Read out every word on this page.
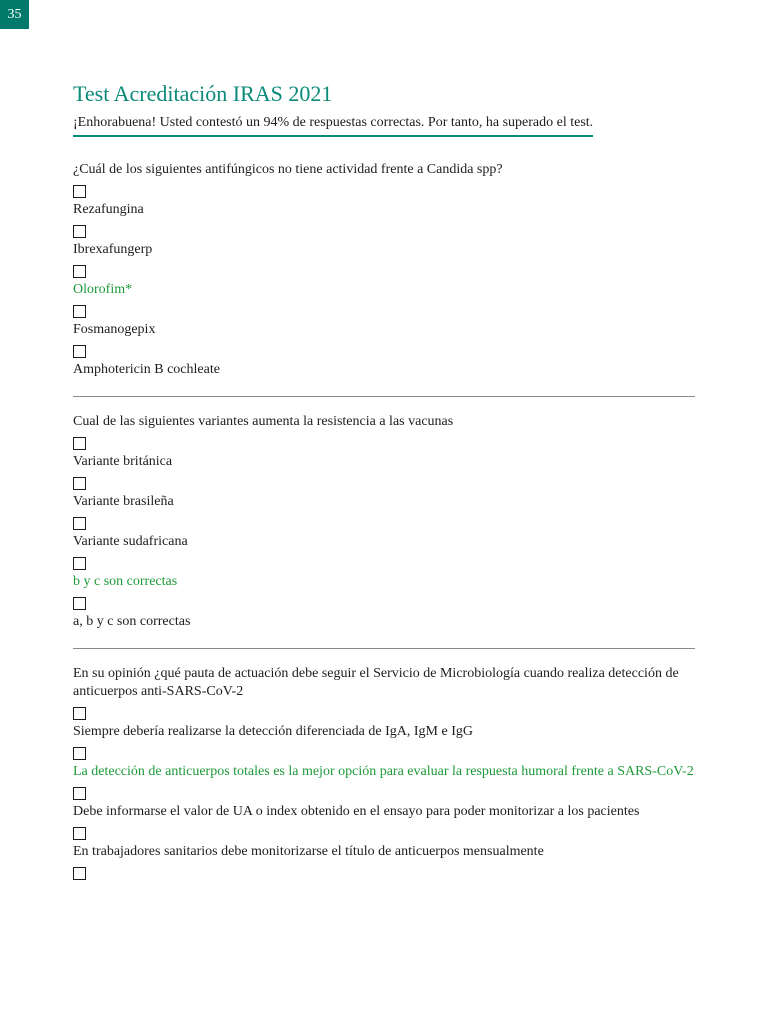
35
Test Acreditación IRAS 2021
¡Enhorabuena! Usted contestó un 94% de respuestas correctas. Por tanto, ha superado el test.

¿Cuál de los siguientes antifúngicos no tiene actividad frente a Candida spp?

Rezafungina
Ibrexafungerp
Olorofim*
Fosmanogepix
Amphotericin B cochleate

Cual de las siguientes variantes aumenta la resistencia a las vacunas

Variante británica
Variante brasileña
Variante sudafricana
b y c son correctas
a, b y c son correctas

En su opinión ¿qué pauta de actuación debe seguir el Servicio de Microbiología cuando realiza detección de anticuerpos anti-SARS-CoV-2

Siempre debería realizarse la detección diferenciada de IgA, IgM e IgG
La detección de anticuerpos totales es la mejor opción para evaluar la respuesta humoral frente a SARS-CoV-2
Debe informarse el valor de UA o index obtenido en el ensayo para poder monitorizar a los pacientes
En trabajadores sanitarios debe monitorizarse el título de anticuerpos mensualmente
